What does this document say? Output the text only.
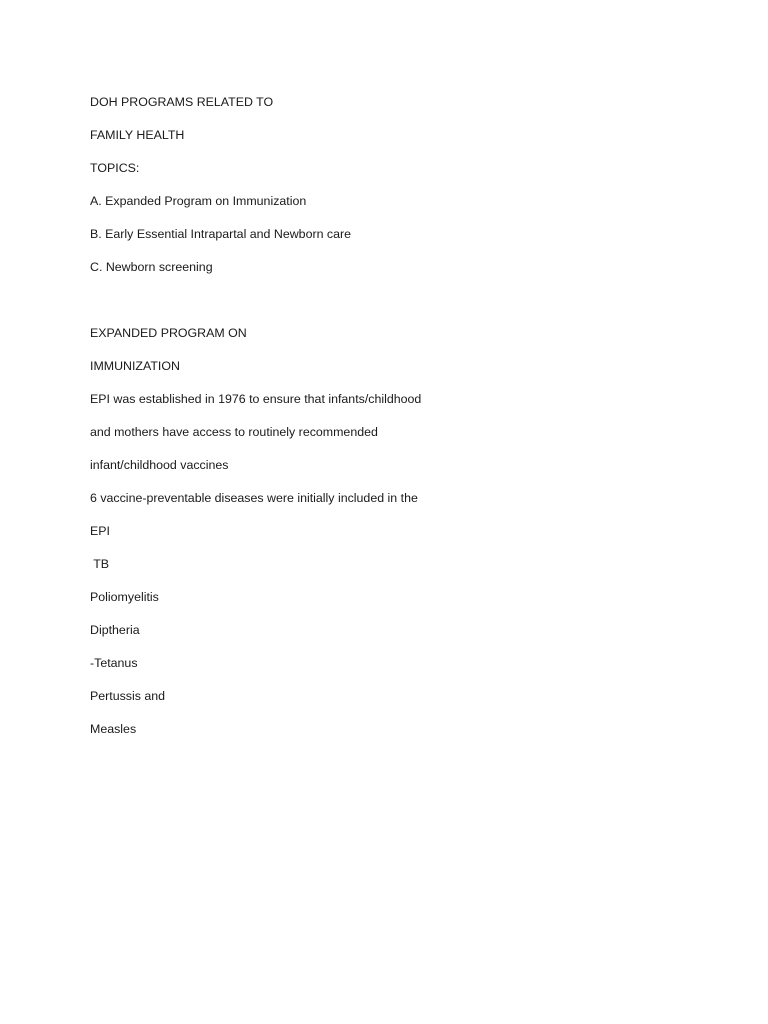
DOH PROGRAMS RELATED TO

FAMILY HEALTH

TOPICS:

A. Expanded Program on Immunization

B. Early Essential Intrapartal and Newborn care

C. Newborn screening

EXPANDED PROGRAM ON

IMMUNIZATION

EPI was established in 1976 to ensure that infants/childhood

and mothers have access to routinely recommended

infant/childhood vaccines

6 vaccine-preventable diseases were initially included in the

EPI

TB

Poliomyelitis

Diptheria

-Tetanus

Pertussis and

Measles
